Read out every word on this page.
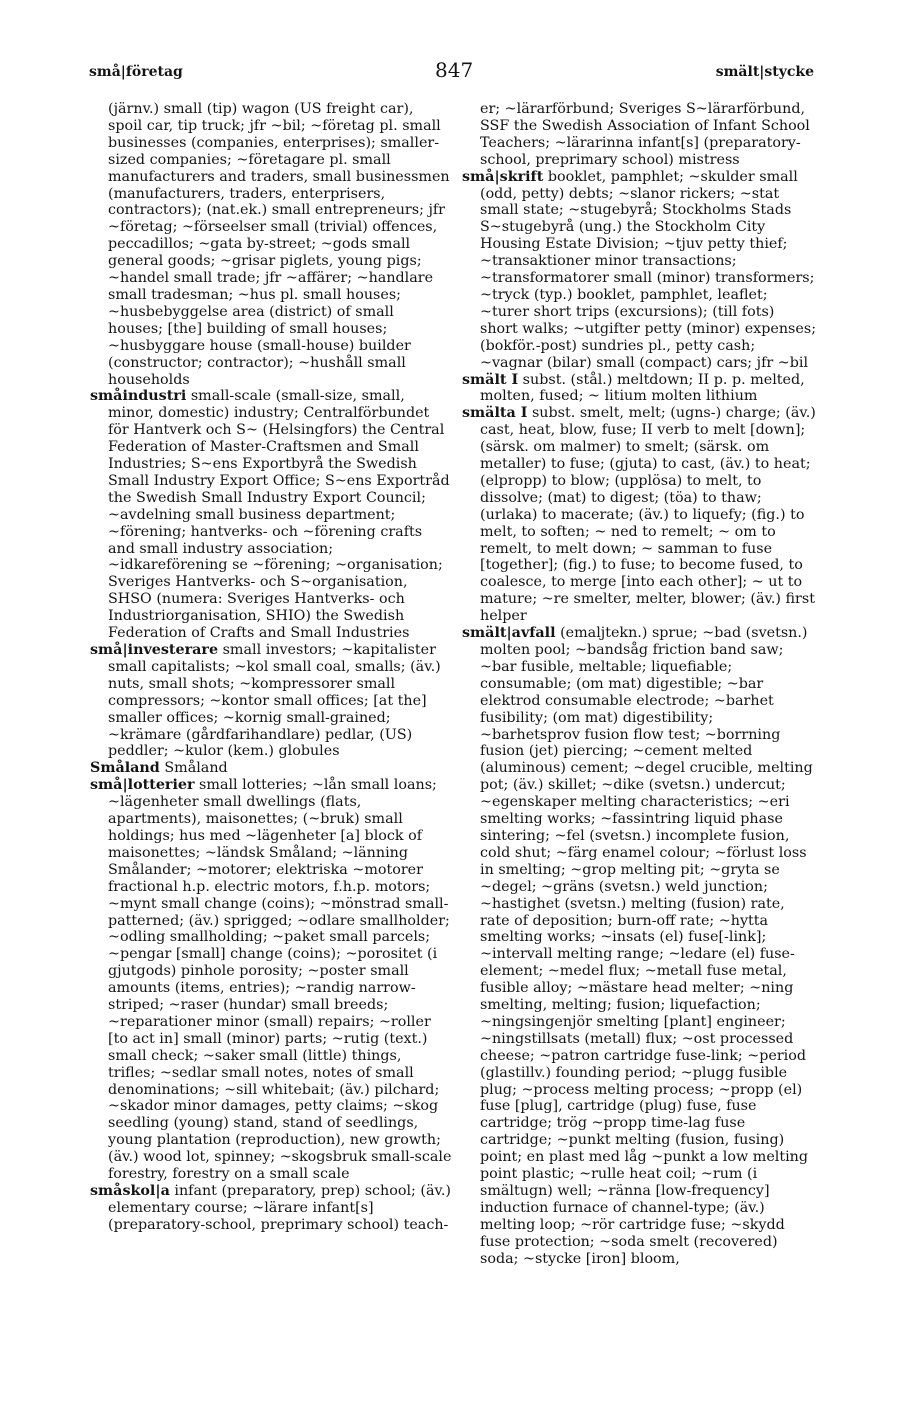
små|företag	847	smält|stycke

(järnv.) small (tip) wagon (US freight car), spoil car, tip truck; jfr ~bil; ~företag pl. small businesses (companies, enterprises); smaller-sized companies; ~företagare pl. small manufacturers and traders, small businessmen (manufacturers, traders, enterprisers, contractors); (nat.ek.) small entrepreneurs; jfr ~företag; ~förseelser small (trivial) offences, peccadillos; ~gata by-street; ~gods small general goods; ~grisar piglets, young pigs; ~handel small trade; jfr ~affärer; ~handlare small tradesman; ~hus pl. small houses; ~husbebyggelse area (district) of small houses; [the] building of small houses; ~husbyggare house (small-house) builder (constructor; contractor); ~hushåll small households

småindustri small-scale (small-size, small, minor, domestic) industry; Centralförbundet för Hantverk och S~ (Helsingfors) the Central Federation of Master-Craftsmen and Small Industries; S~ens Exportbyrå the Swedish Small Industry Export Office; S~ens Exportråd the Swedish Small Industry Export Council; ~avdelning small business department; ~förening; hantverks- och ~förening crafts and small industry association; ~idkareförening se ~förening; ~organisation; Sveriges Hantverks- och S~organisation, SHSO (numera: Sveriges Hantverks- och Industriorganisation, SHIO) the Swedish Federation of Crafts and Small Industries

små|investerare small investors; ~kapitalister small capitalists; ~kol small coal, smalls; (äv.) nuts, small shots; ~kompressorer small compressors; ~kontor small offices; [at the] smaller offices; ~kornig small-grained; ~krämare (gårdfarihandlare) pedlar, (US) peddler; ~kulor (kem.) globules

Småland Småland

små|lotterier small lotteries; ~lån small loans; ~lägenheter small dwellings (flats, apartments), maisonettes; (~bruk) small holdings; hus med ~lägenheter [a] block of maisonettes; ~ländsk Småland; ~länning Smålander; ~motorer; elektriska ~motorer fractional h.p. electric motors, f.h.p. motors; ~mynt small change (coins); ~mönstrad small-patterned; (äv.) sprigged; ~odlare smallholder; ~odling smallholding; ~paket small parcels; ~pengar [small] change (coins); ~porositet (i gjutgods) pinhole porosity; ~poster small amounts (items, entries); ~randig narrow-striped; ~raser (hundar) small breeds; ~reparationer minor (small) repairs; ~roller [to act in] small (minor) parts; ~rutig (text.) small check; ~saker small (little) things, trifles; ~sedlar small notes, notes of small denominations; ~sill whitebait; (äv.) pilchard; ~skador minor damages, petty claims; ~skog seedling (young) stand, stand of seedlings, young plantation (reproduction), new growth; (äv.) wood lot, spinney; ~skogsbruk small-scale forestry, forestry on a small scale

småskol|a infant (preparatory, prep) school; (äv.) elementary course; ~lärare infant[s] (preparatory-school, preprimary school) teach-

er; ~lärarförbund; Sveriges S~lärarförbund, SSF the Swedish Association of Infant School Teachers; ~lärarinna infant[s] (preparatory-school, preprimary school) mistress

små|skrift booklet, pamphlet; ~skulder small (odd, petty) debts; ~slanor rickers; ~stat small state; ~stugebyrå; Stockholms Stads S~stugebyrå (ung.) the Stockholm City Housing Estate Division; ~tjuv petty thief; ~transaktioner minor transactions; ~transformatorer small (minor) transformers; ~tryck (typ.) booklet, pamphlet, leaflet; ~turer short trips (excursions); (till fots) short walks; ~utgifter petty (minor) expenses; (bokför.-post) sundries pl., petty cash; ~vagnar (bilar) small (compact) cars; jfr ~bil

smält I subst. (stål.) meltdown; II p. p. melted, molten, fused; ~ litium molten lithium

smälta I subst. smelt, melt; (ugns-) charge; (äv.) cast, heat, blow, fuse; II verb to melt [down]; (särsk. om malmer) to smelt; (särsk. om metaller) to fuse; (gjuta) to cast, (äv.) to heat; (elpropp) to blow; (upplösa) to melt, to dissolve; (mat) to digest; (töa) to thaw; (urlaka) to macerate; (äv.) to liquefy; (fig.) to melt, to soften; ~ ned to remelt; ~ om to remelt, to melt down; ~ samman to fuse [together]; (fig.) to fuse; to become fused, to coalesce, to merge [into each other]; ~ ut to mature; ~re smelter, melter, blower; (äv.) first helper

smält|avfall (emaljtekn.) sprue; ~bad (svetsn.) molten pool; ~bandsåg friction band saw; ~bar fusible, meltable; liquefiable; consumable; (om mat) digestible; ~bar elektrod consumable electrode; ~barhet fusibility; (om mat) digestibility; ~barhetsprov fusion flow test; ~borrning fusion (jet) piercing; ~cement melted (aluminous) cement; ~degel crucible, melting pot; (äv.) skillet; ~dike (svetsn.) undercut; ~egenskaper melting characteristics; ~eri smelting works; ~fassintring liquid phase sintering; ~fel (svetsn.) incomplete fusion, cold shut; ~färg enamel colour; ~förlust loss in smelting; ~grop melting pit; ~gryta se ~degel; ~gräns (svetsn.) weld junction; ~hastighet (svetsn.) melting (fusion) rate, rate of deposition; burn-off rate; ~hytta smelting works; ~insats (el) fuse[-link]; ~intervall melting range; ~ledare (el) fuse-element; ~medel flux; ~metall fuse metal, fusible alloy; ~mästare head melter; ~ning smelting, melting; fusion; liquefaction; ~ningsingenjör smelting [plant] engineer; ~ningstillsats (metall) flux; ~ost processed cheese; ~patron cartridge fuse-link; ~period (glastillv.) founding period; ~plugg fusible plug; ~process melting process; ~propp (el) fuse [plug], cartridge (plug) fuse, fuse cartridge; trög ~propp time-lag fuse cartridge; ~punkt melting (fusion, fusing) point; en plast med låg ~punkt a low melting point plastic; ~rulle heat coil; ~rum (i smältugn) well; ~ränna [low-frequency] induction furnace of channel-type; (äv.) melting loop; ~rör cartridge fuse; ~skydd fuse protection; ~soda smelt (recovered) soda; ~stycke [iron] bloom,
